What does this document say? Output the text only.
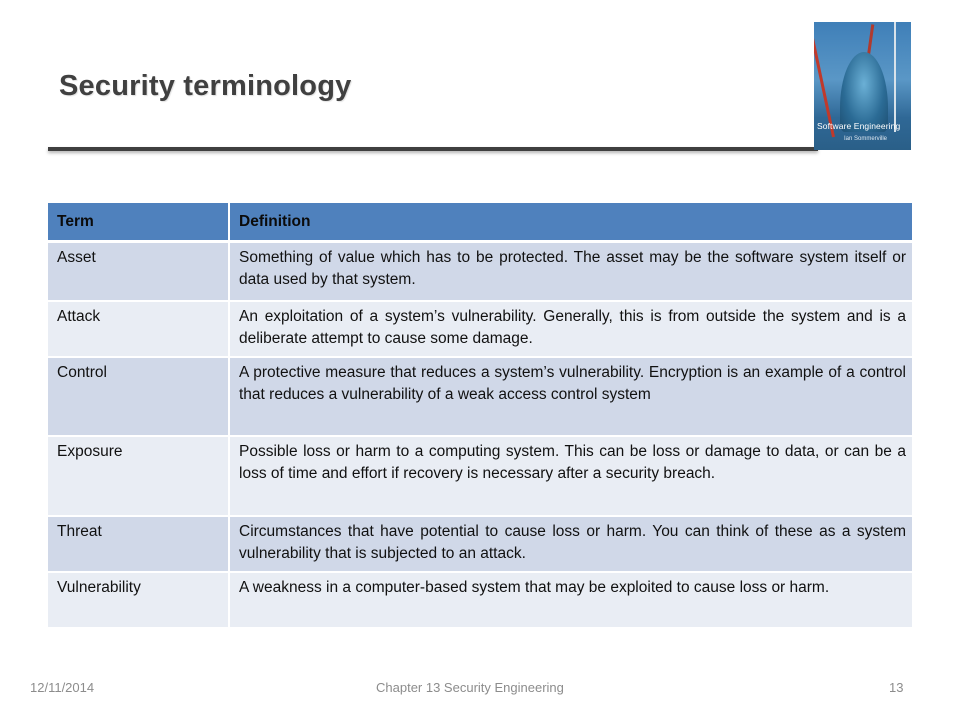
Security terminology
Software Engineering
Ian Sommerville
Term	Definition
Asset	Something of value which has to be protected. The asset may be the software system itself or data used by that system.
Attack	An exploitation of a system’s vulnerability. Generally, this is from outside the system and is a deliberate attempt to cause some damage.
Control	A protective measure that reduces a system’s vulnerability. Encryption is an example of a control that reduces a vulnerability of a weak access control system
Exposure	Possible loss or harm to a computing system. This can be loss or damage to data, or can be a loss of time and effort if recovery is necessary after a security breach.
Threat	Circumstances that have potential to cause loss or harm. You can think of these as a system vulnerability that is subjected to an attack.
Vulnerability	A weakness in a computer-based system that may be exploited to cause loss or harm.
12/11/2014	Chapter 13 Security Engineering	13
